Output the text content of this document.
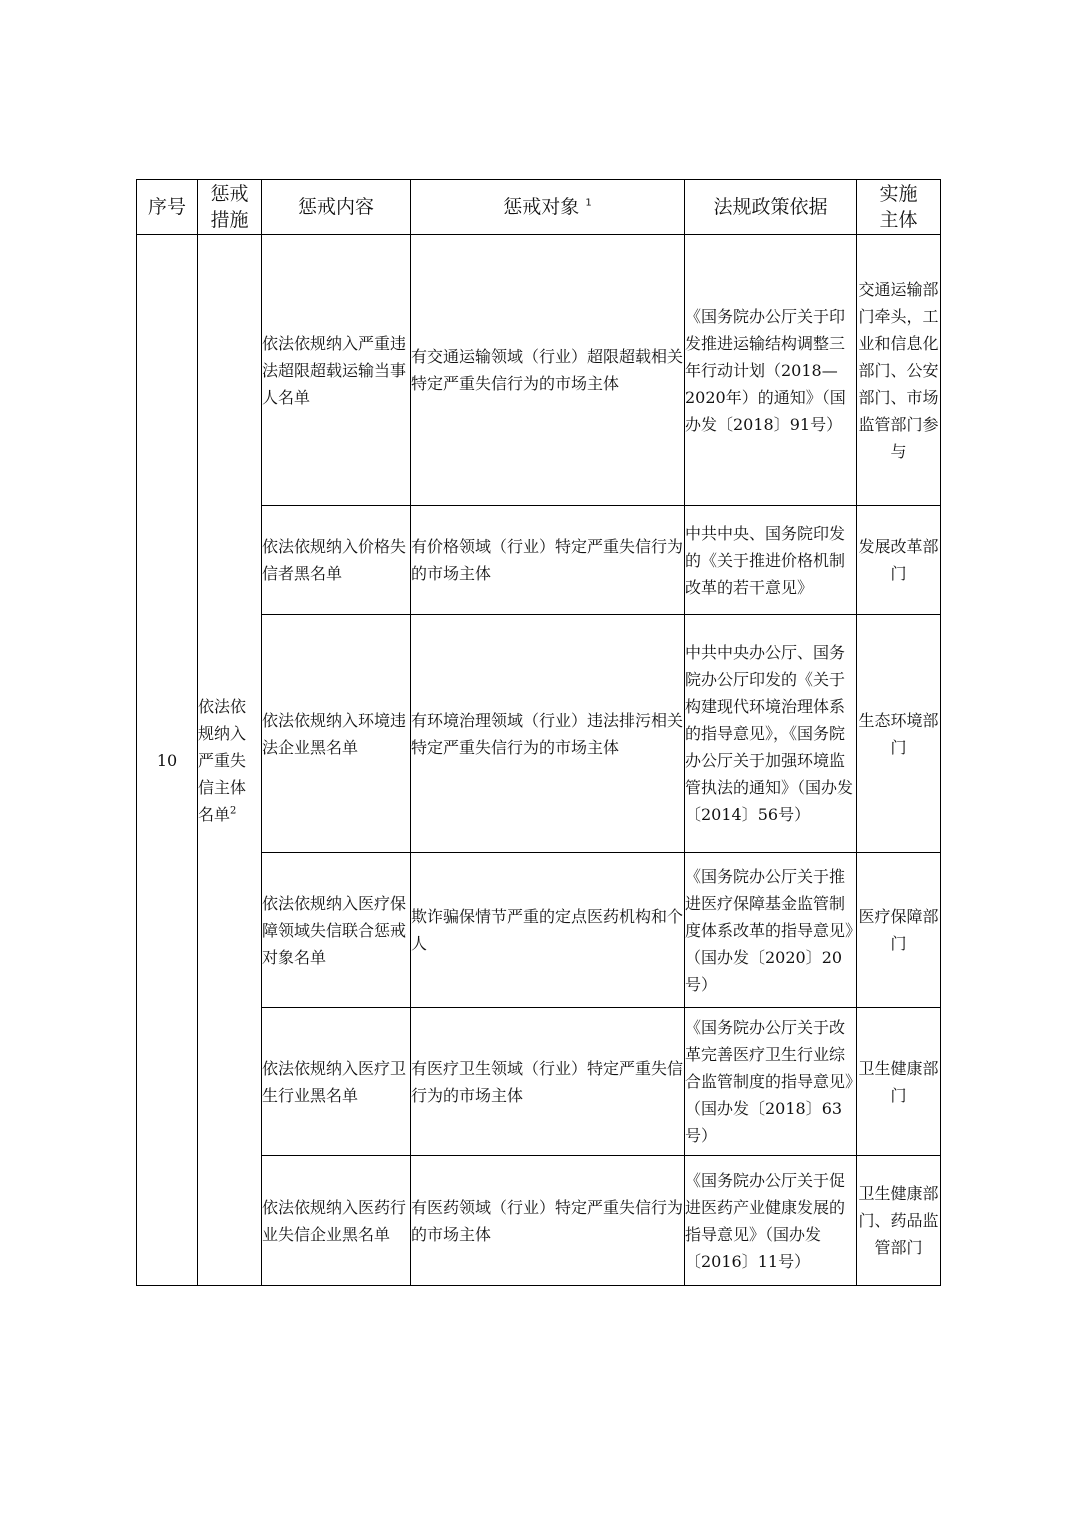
序号	惩戒措施	惩戒内容	惩戒对象 $^1$	法规政策依据	实施主体

10	依法依规纳入严重失信主体名单$^2$	依法依规纳入严重违法超限超载运输当事人名单	有交通运输领域（行业）超限超载相关特定严重失信行为的市场主体	《国务院办公厅关于印发推进运输结构调整三年行动计划（2018—2020年）的通知》（国办发〔2018〕91号）	交通运输部门牵头，工业和信息化部门、公安部门、市场监管部门参与
		依法依规纳入价格失信者黑名单	有价格领域（行业）特定严重失信行为的市场主体	中共中央、国务院印发的《关于推进价格机制改革的若干意见》	发展改革部门
		依法依规纳入环境违法企业黑名单	有环境治理领域（行业）违法排污相关特定严重失信行为的市场主体	中共中央办公厅、国务院办公厅印发的《关于构建现代环境治理体系的指导意见》，《国务院办公厅关于加强环境监管执法的通知》（国办发〔2014〕56号）	生态环境部门
		依法依规纳入医疗保障领域失信联合惩戒对象名单	欺诈骗保情节严重的定点医药机构和个人	《国务院办公厅关于推进医疗保障基金监管制度体系改革的指导意见》（国办发〔2020〕20号）	医疗保障部门
		依法依规纳入医疗卫生行业黑名单	有医疗卫生领域（行业）特定严重失信行为的市场主体	《国务院办公厅关于改革完善医疗卫生行业综合监管制度的指导意见》（国办发〔2018〕63号）	卫生健康部门
		依法依规纳入医药行业失信企业黑名单	有医药领域（行业）特定严重失信行为的市场主体	《国务院办公厅关于促进医药产业健康发展的指导意见》（国办发〔2016〕11号）	卫生健康部门、药品监管部门
